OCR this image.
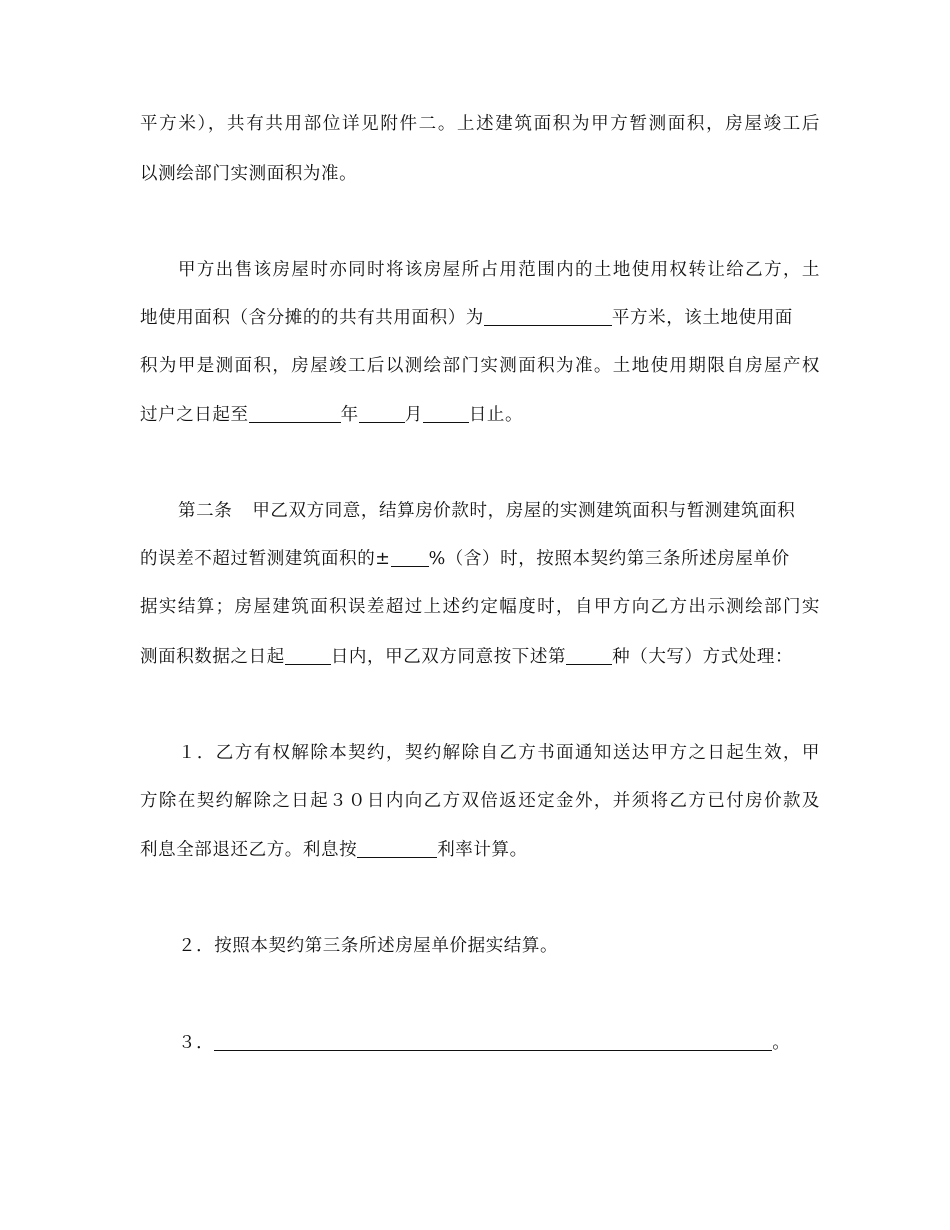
平方米），共有共用部位详见附件二。上述建筑面积为甲方暂测面积，房屋竣工后
以测绘部门实测面积为准。
甲方出售该房屋时亦同时将该房屋所占用范围内的土地使用权转让给乙方，土
地使用面积（含分摊的的共有共用面积）为	平方米，该土地使用面
积为甲是测面积，房屋竣工后以测绘部门实测面积为准。土地使用期限自房屋产权
过户之日起至	年	月	日止。
第二条 甲乙双方同意，结算房价款时，房屋的实测建筑面积与暂测建筑面积
的误差不超过暂测建筑面积的± %（含）时，按照本契约第三条所述房屋单价
据实结算；房屋建筑面积误差超过上述约定幅度时，自甲方向乙方出示测绘部门实
测面积数据之日起	日内，甲乙双方同意按下述第	种（大写）方式处理：
１．乙方有权解除本契约，契约解除自乙方书面通知送达甲方之日起生效，甲
方除在契约解除之日起３０日内向乙方双倍返还定金外，并须将乙方已付房价款及
利息全部退还乙方。利息按	利率计算。
２．按照本契约第三条所述房屋单价据实结算。
３．	。
